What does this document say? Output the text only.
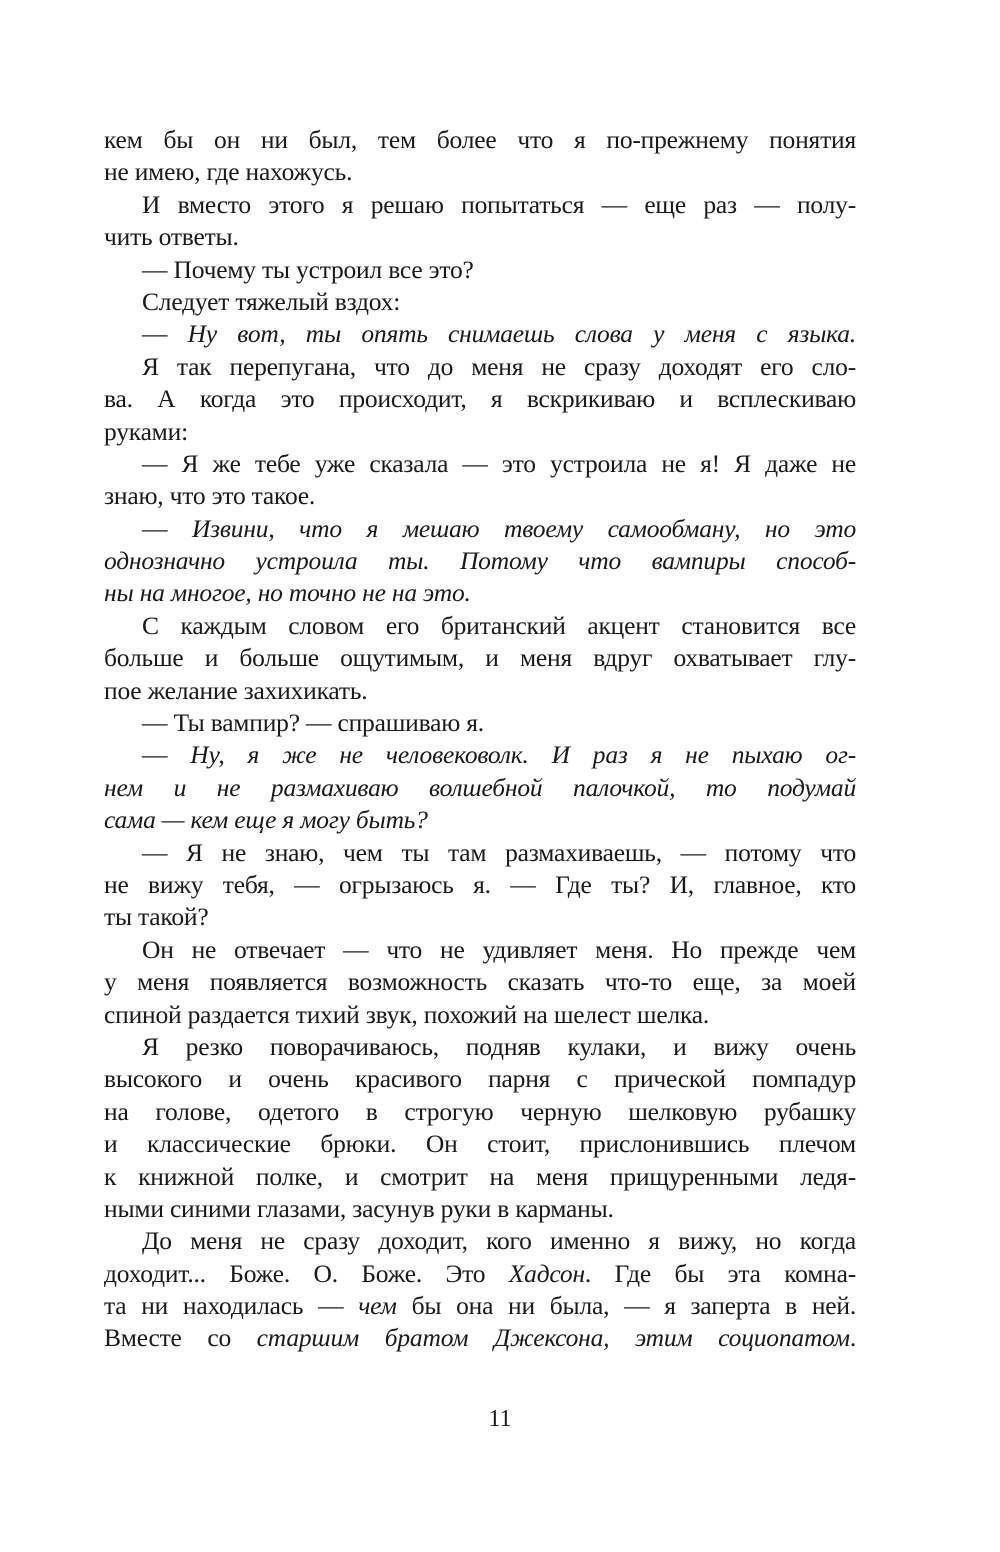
кем бы он ни был, тем более что я по-прежнему понятия
не имею, где нахожусь.
И вместо этого я решаю попытаться — еще раз — полу-
чить ответы.
— Почему ты устроил все это?
Следует тяжелый вздох:
— Ну вот, ты опять снимаешь слова у меня с языка.
Я так перепугана, что до меня не сразу доходят его сло-
ва. А когда это происходит, я вскрикиваю и всплескиваю
руками:
— Я же тебе уже сказала — это устроила не я! Я даже не
знаю, что это такое.
— Извини, что я мешаю твоему самообману, но это
однозначно устроила ты. Потому что вампиры способ-
ны на многое, но точно не на это.
С каждым словом его британский акцент становится все
больше и больше ощутимым, и меня вдруг охватывает глу-
пое желание захихикать.
— Ты вампир? — спрашиваю я.
— Ну, я же не человековолк. И раз я не пыхаю ог-
нем и не размахиваю волшебной палочкой, то подумай
сама — кем еще я могу быть?
— Я не знаю, чем ты там размахиваешь, — потому что
не вижу тебя, — огрызаюсь я. — Где ты? И, главное, кто
ты такой?
Он не отвечает — что не удивляет меня. Но прежде чем
у меня появляется возможность сказать что-то еще, за моей
спиной раздается тихий звук, похожий на шелест шелка.
Я резко поворачиваюсь, подняв кулаки, и вижу очень
высокого и очень красивого парня с прической помпадур
на голове, одетого в строгую черную шелковую рубашку
и классические брюки. Он стоит, прислонившись плечом
к книжной полке, и смотрит на меня прищуренными ледя-
ными синими глазами, засунув руки в карманы.
До меня не сразу доходит, кого именно я вижу, но когда
доходит... Боже. О. Боже. Это Хадсон. Где бы эта комна-
та ни находилась — чем бы она ни была, — я заперта в ней.
Вместе со старшим братом Джексона, этим социопатом.
11
